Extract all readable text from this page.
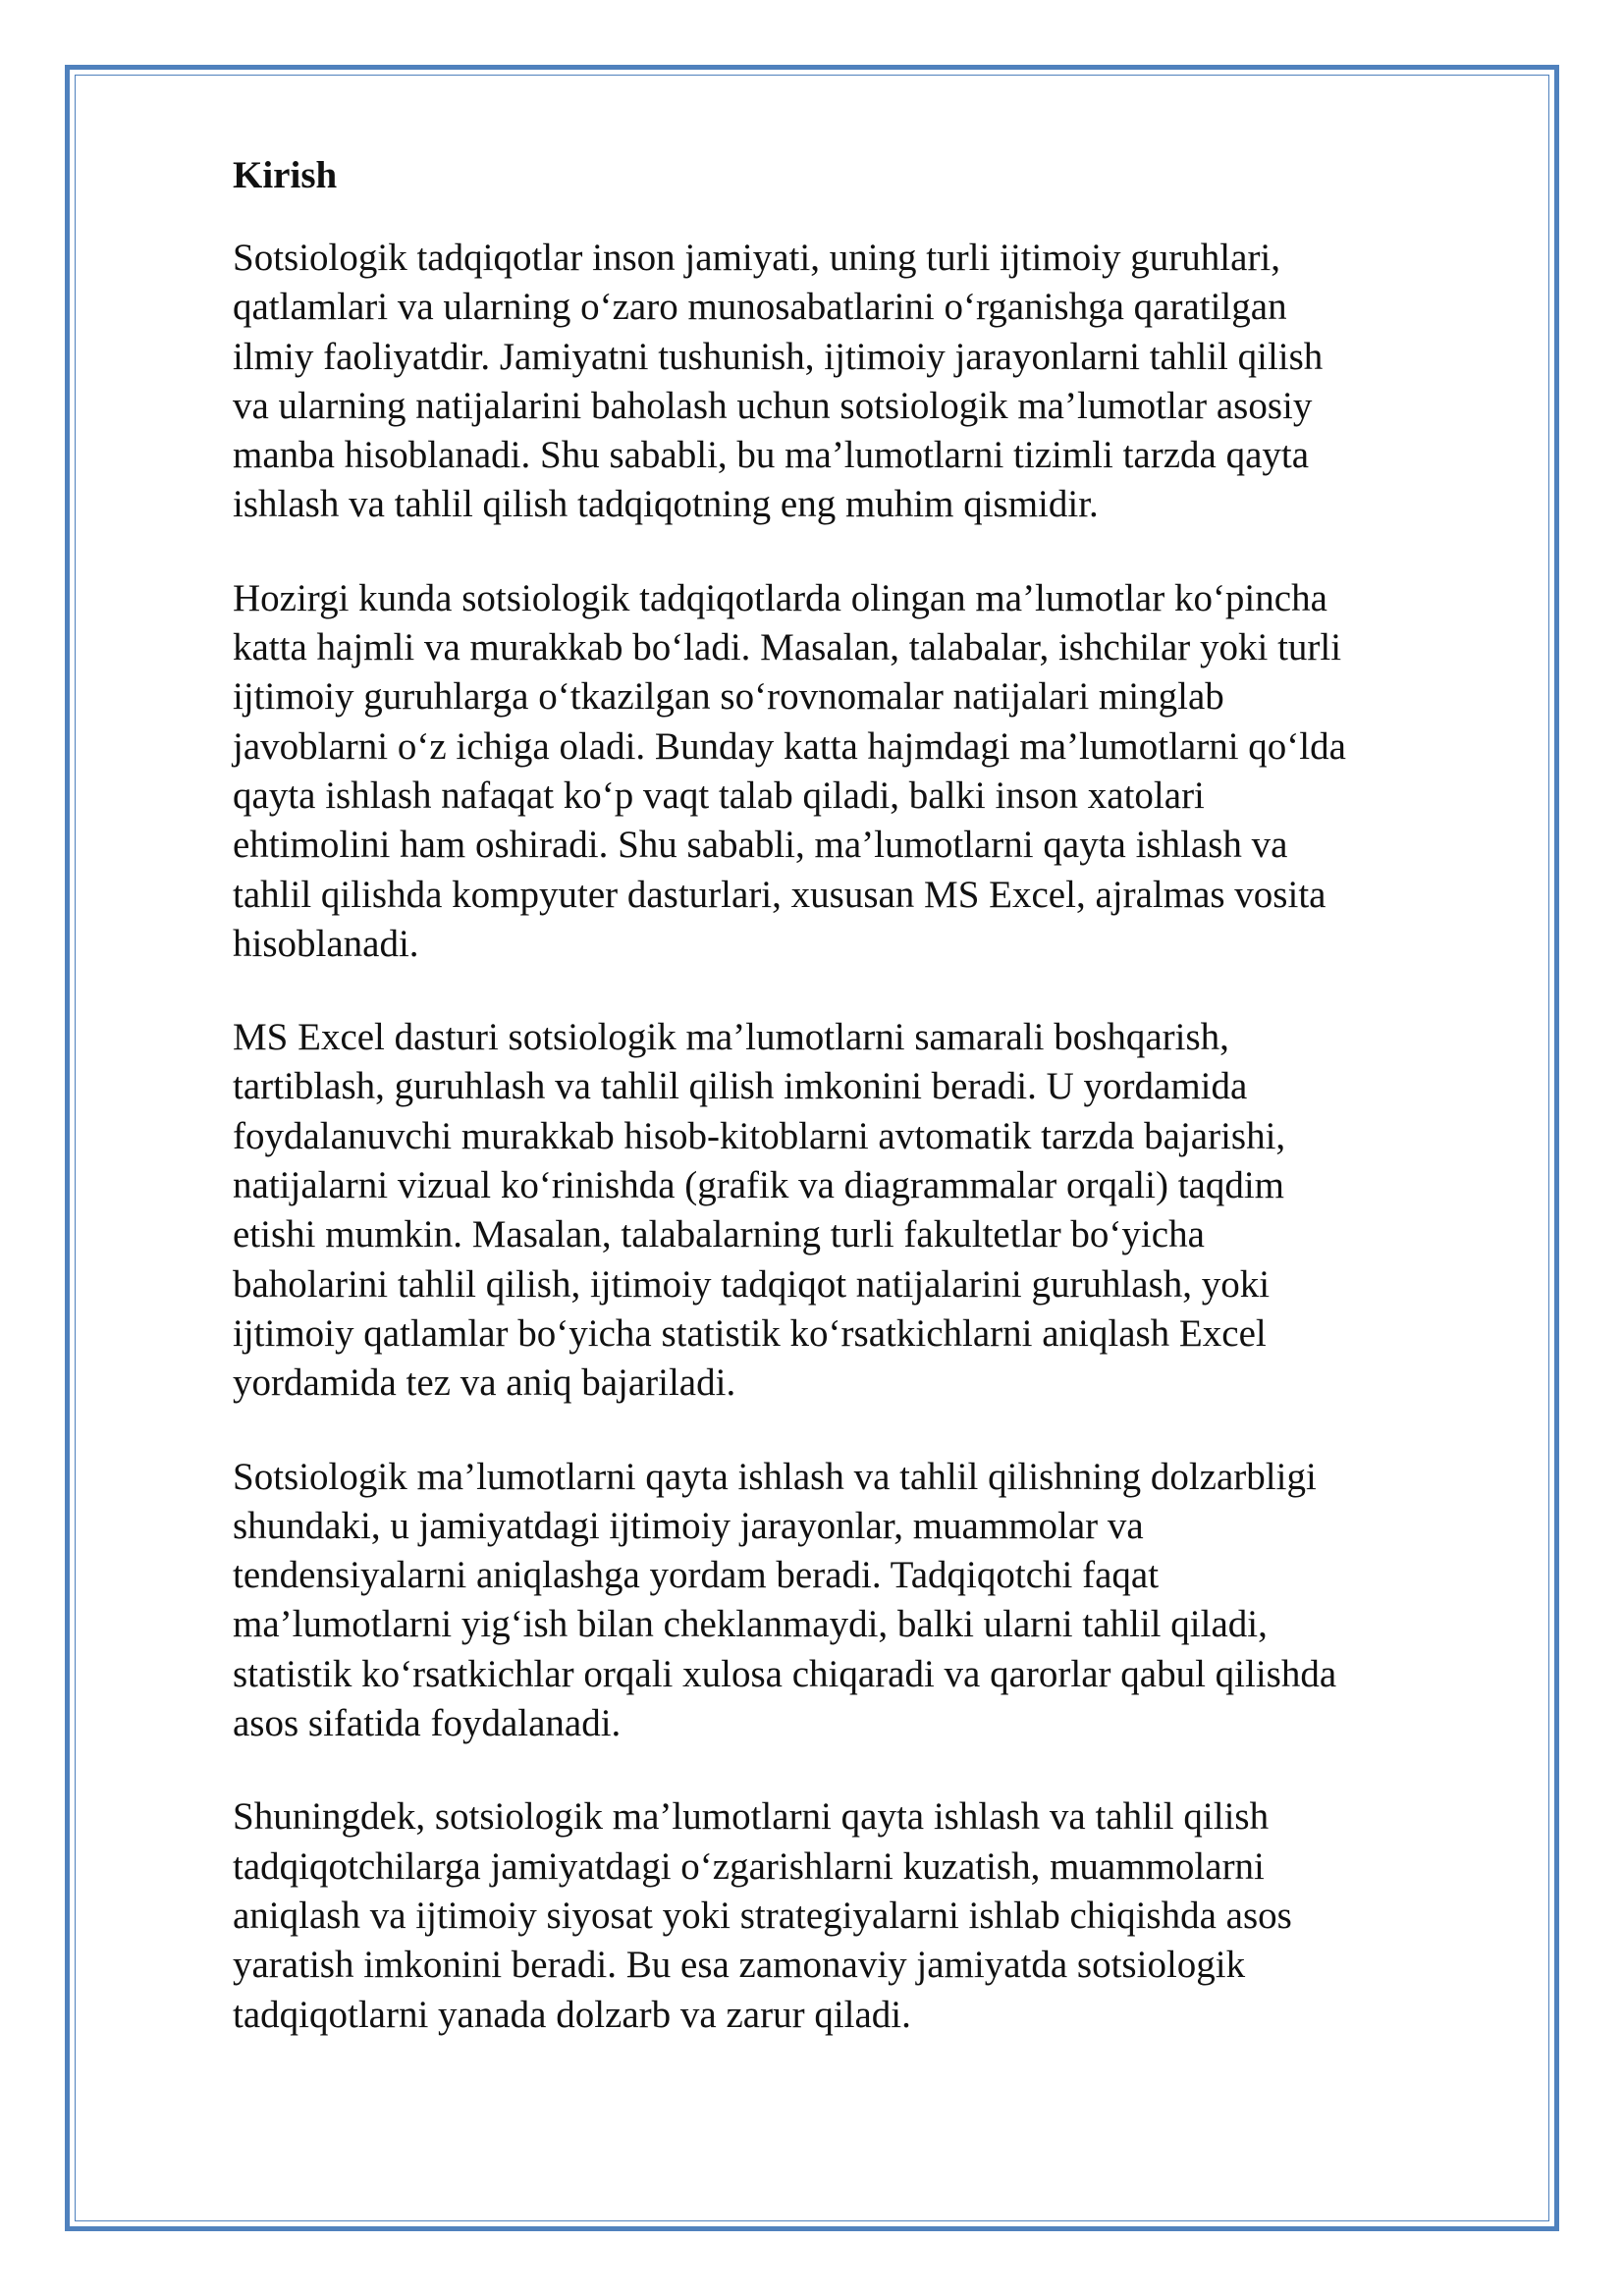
Kirish

Sotsiologik tadqiqotlar inson jamiyati, uning turli ijtimoiy guruhlari,
qatlamlari va ularning o‘zaro munosabatlarini o‘rganishga qaratilgan
ilmiy faoliyatdir. Jamiyatni tushunish, ijtimoiy jarayonlarni tahlil qilish
va ularning natijalarini baholash uchun sotsiologik ma’lumotlar asosiy
manba hisoblanadi. Shu sababli, bu ma’lumotlarni tizimli tarzda qayta
ishlash va tahlil qilish tadqiqotning eng muhim qismidir.

Hozirgi kunda sotsiologik tadqiqotlarda olingan ma’lumotlar ko‘pincha
katta hajmli va murakkab bo‘ladi. Masalan, talabalar, ishchilar yoki turli
ijtimoiy guruhlarga o‘tkazilgan so‘rovnomalar natijalari minglab
javoblarni o‘z ichiga oladi. Bunday katta hajmdagi ma’lumotlarni qo‘lda
qayta ishlash nafaqat ko‘p vaqt talab qiladi, balki inson xatolari
ehtimolini ham oshiradi. Shu sababli, ma’lumotlarni qayta ishlash va
tahlil qilishda kompyuter dasturlari, xususan MS Excel, ajralmas vosita
hisoblanadi.

MS Excel dasturi sotsiologik ma’lumotlarni samarali boshqarish,
tartiblash, guruhlash va tahlil qilish imkonini beradi. U yordamida
foydalanuvchi murakkab hisob-kitoblarni avtomatik tarzda bajarishi,
natijalarni vizual ko‘rinishda (grafik va diagrammalar orqali) taqdim
etishi mumkin. Masalan, talabalarning turli fakultetlar bo‘yicha
baholarini tahlil qilish, ijtimoiy tadqiqot natijalarini guruhlash, yoki
ijtimoiy qatlamlar bo‘yicha statistik ko‘rsatkichlarni aniqlash Excel
yordamida tez va aniq bajariladi.

Sotsiologik ma’lumotlarni qayta ishlash va tahlil qilishning dolzarbligi
shundaki, u jamiyatdagi ijtimoiy jarayonlar, muammolar va
tendensiyalarni aniqlashga yordam beradi. Tadqiqotchi faqat
ma’lumotlarni yig‘ish bilan cheklanmaydi, balki ularni tahlil qiladi,
statistik ko‘rsatkichlar orqali xulosa chiqaradi va qarorlar qabul qilishda
asos sifatida foydalanadi.

Shuningdek, sotsiologik ma’lumotlarni qayta ishlash va tahlil qilish
tadqiqotchilarga jamiyatdagi o‘zgarishlarni kuzatish, muammolarni
aniqlash va ijtimoiy siyosat yoki strategiyalarni ishlab chiqishda asos
yaratish imkonini beradi. Bu esa zamonaviy jamiyatda sotsiologik
tadqiqotlarni yanada dolzarb va zarur qiladi.
